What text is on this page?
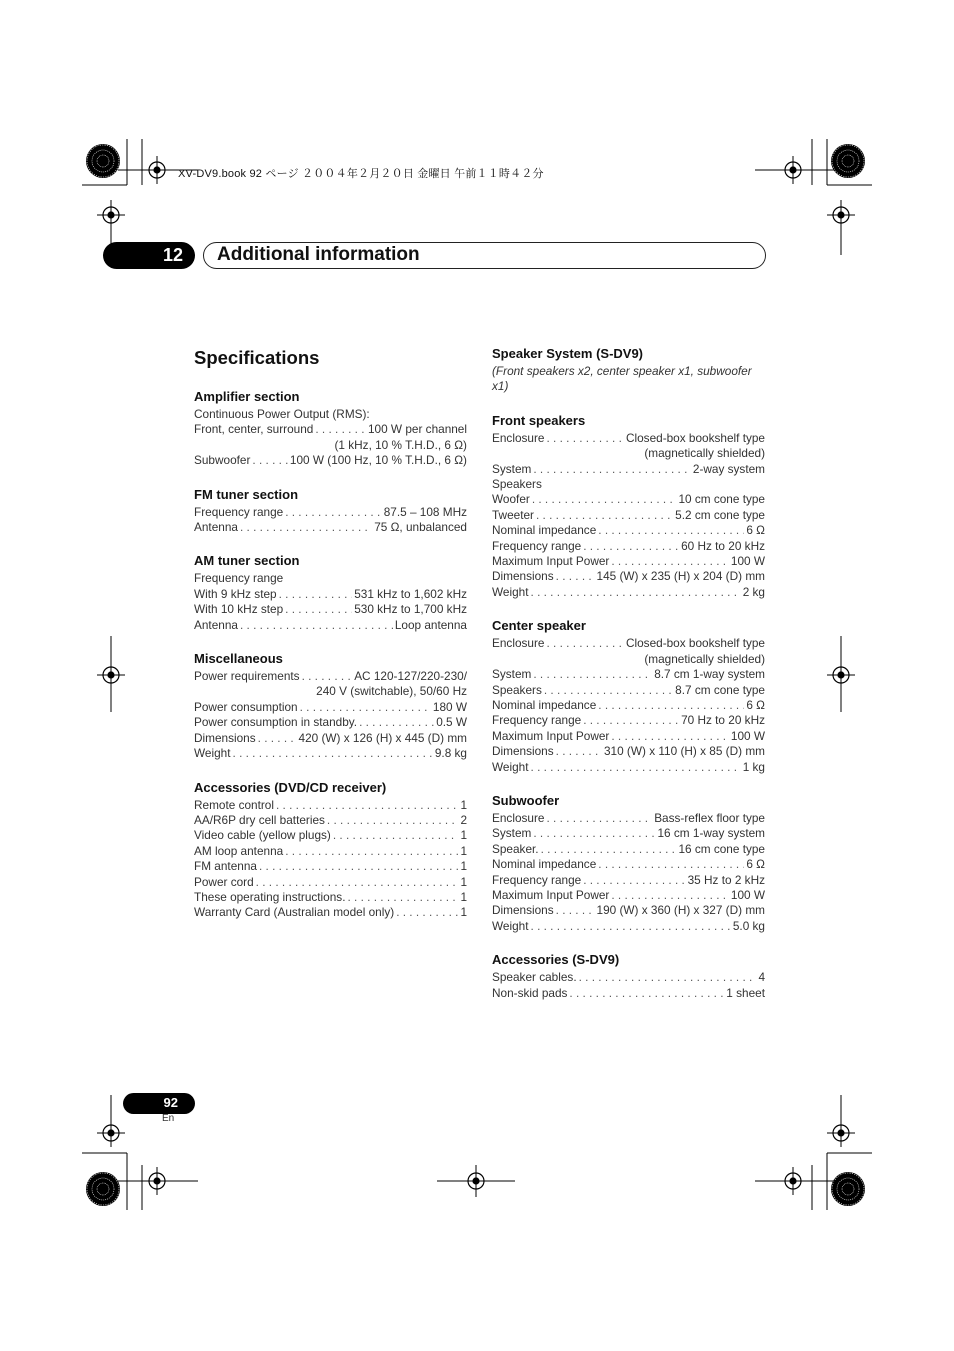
XV-DV9.book 92 ページ ２００４年２月２０日 金曜日 午前１１時４２分
12 Additional information
Specifications
Amplifier section
Continuous Power Output (RMS):
Front, center, surround . . .	100 W per channel
(1 kHz, 10 % T.H.D., 6 Ω)
Subwoofer . . .	100 W (100 Hz, 10 % T.H.D., 6 Ω)
FM tuner section
Frequency range . . .	87.5 – 108 MHz
Antenna . . .	75 Ω, unbalanced
AM tuner section
Frequency range
With 9 kHz step . . .	531 kHz to 1,602 kHz
With 10 kHz step . . .	530 kHz to 1,700 kHz
Antenna . . .	Loop antenna
Miscellaneous
Power requirements . . .	AC 120-127/220-230/
240 V (switchable), 50/60 Hz
Power consumption . . .	180 W
Power consumption in standby. . . .	0.5 W
Dimensions . . .	420 (W) x 126 (H) x 445 (D) mm
Weight . . .	9.8 kg
Accessories (DVD/CD receiver)
Remote control . . .	1
AA/R6P dry cell batteries . . .	2
Video cable (yellow plugs) . . .	1
AM loop antenna . . .	1
FM antenna . . .	1
Power cord . . .	1
These operating instructions. . . .	1
Warranty Card (Australian model only) . . .	1
Speaker System (S-DV9)
(Front speakers x2, center speaker x1, subwoofer x1)
Front speakers
Enclosure . . .	Closed-box bookshelf type
(magnetically shielded)
System . . .	2-way system
Speakers
Woofer . . .	10 cm cone type
Tweeter . . .	5.2 cm cone type
Nominal impedance . . .	6 Ω
Frequency range . . .	60 Hz to 20 kHz
Maximum Input Power . . .	100 W
Dimensions . . .	145 (W) x 235 (H) x 204 (D) mm
Weight . . .	2 kg
Center speaker
Enclosure . . .	Closed-box bookshelf type
(magnetically shielded)
System . . .	8.7 cm 1-way system
Speakers . . .	8.7 cm cone type
Nominal impedance . . .	6 Ω
Frequency range . . .	70 Hz to 20 kHz
Maximum Input Power . . .	100 W
Dimensions . . .	310 (W) x 110 (H) x 85 (D) mm
Weight . . .	1 kg
Subwoofer
Enclosure . . .	Bass-reflex floor type
System . . .	16 cm 1-way system
Speaker. . . .	16 cm cone type
Nominal impedance . . .	6 Ω
Frequency range . . .	35 Hz to 2 kHz
Maximum Input Power . . .	100 W
Dimensions . . .	190 (W) x 360 (H) x 327 (D) mm
Weight . . .	5.0 kg
Accessories (S-DV9)
Speaker cables. . . .	4
Non-skid pads . . .	1 sheet
92
En
